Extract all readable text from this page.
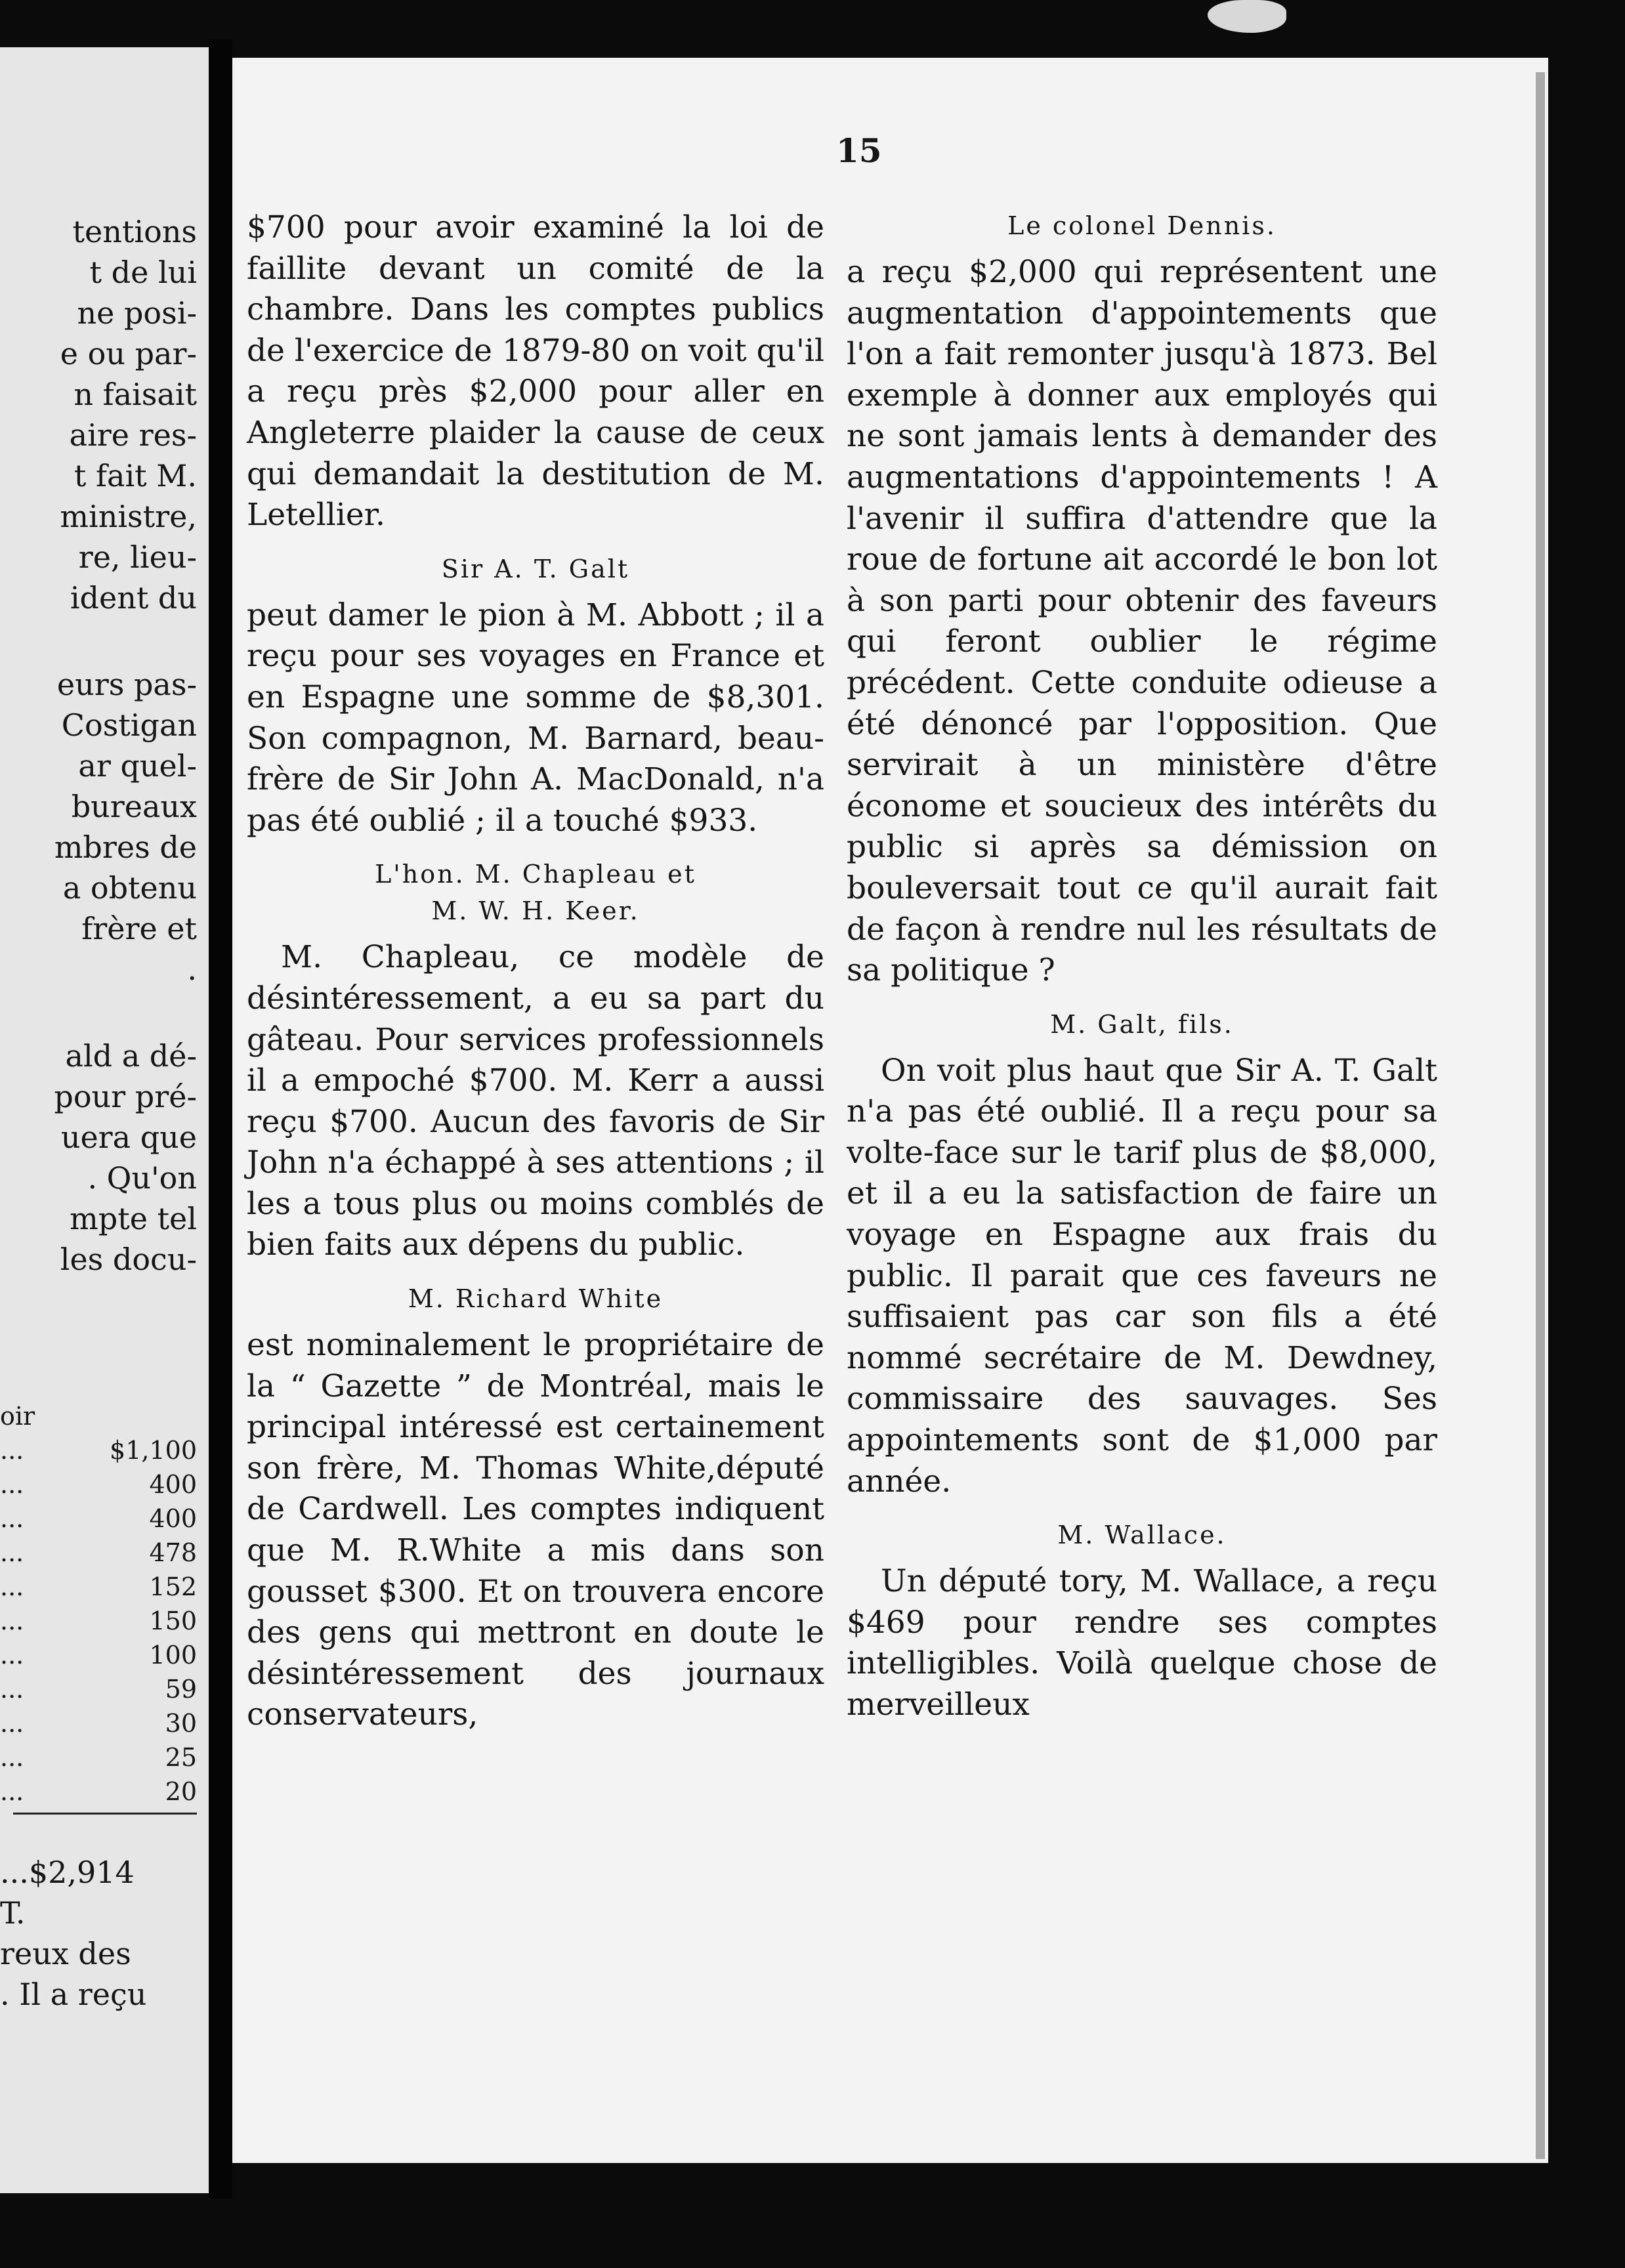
tentions
t de lui
ne posi-
e ou par-
n faisait
aire res-
t fait M.
ministre,
re, lieu-
ident du
eurs pas-
Costigan
ar quel-
bureaux
mbres de
a obtenu
frère et
.
ald a dé-
pour pré-
uera que
. Qu'on
mpte tel
les docu-
oir
...	$1,100
...	400
...	400
...	478
...	152
...	150
...	100
...	59
...	30
...	25
...	20
...$2,914
T.
reux des
. Il a reçu
15

$700 pour avoir examiné la loi de faillite devant un comité de la chambre. Dans les comptes publics de l'exercice de 1879-80 on voit qu'il a reçu près $2,000 pour aller en Angleterre plaider la cause de ceux qui demandait la destitution de M. Letellier.

Sir A. T. Galt

peut damer le pion à M. Abbott ; il a reçu pour ses voyages en France et en Espagne une somme de $8,301. Son compagnon, M. Barnard, beau-frère de Sir John A. MacDonald, n'a pas été oublié ; il a touché $933.

L'hon. M. Chapleau et
M. W. H. Keer.

M. Chapleau, ce modèle de désintéressement, a eu sa part du gâteau. Pour services professionnels il a empoché $700. M. Kerr a aussi reçu $700. Aucun des favoris de Sir John n'a échappé à ses attentions ; il les a tous plus ou moins comblés de bien faits aux dépens du public.

M. Richard White

est nominalement le propriétaire de la “ Gazette ” de Montréal, mais le principal intéressé est certainement son frère, M. Thomas White,député de Cardwell. Les comptes indiquent que M. R.White a mis dans son gousset $300. Et on trouvera encore des gens qui mettront en doute le désintéressement des journaux conservateurs,

Le colonel Dennis.

a reçu $2,000 qui représentent une augmentation d'appointements que l'on a fait remonter jusqu'à 1873. Bel exemple à donner aux employés qui ne sont jamais lents à demander des augmentations d'appointements ! A l'avenir il suffira d'attendre que la roue de fortune ait accordé le bon lot à son parti pour obtenir des faveurs qui feront oublier le régime précédent. Cette conduite odieuse a été dénoncé par l'opposition. Que servirait à un ministère d'être économe et soucieux des intérêts du public si après sa démission on bouleversait tout ce qu'il aurait fait de façon à rendre nul les résultats de sa politique ?

M. Galt, fils.

On voit plus haut que Sir A. T. Galt n'a pas été oublié. Il a reçu pour sa volte-face sur le tarif plus de $8,000, et il a eu la satisfaction de faire un voyage en Espagne aux frais du public. Il parait que ces faveurs ne suffisaient pas car son fils a été nommé secrétaire de M. Dewdney, commissaire des sauvages. Ses appointements sont de $1,000 par année.

M. Wallace.

Un député tory, M. Wallace, a reçu $469 pour rendre ses comptes intelligibles. Voilà quelque chose de merveilleux
